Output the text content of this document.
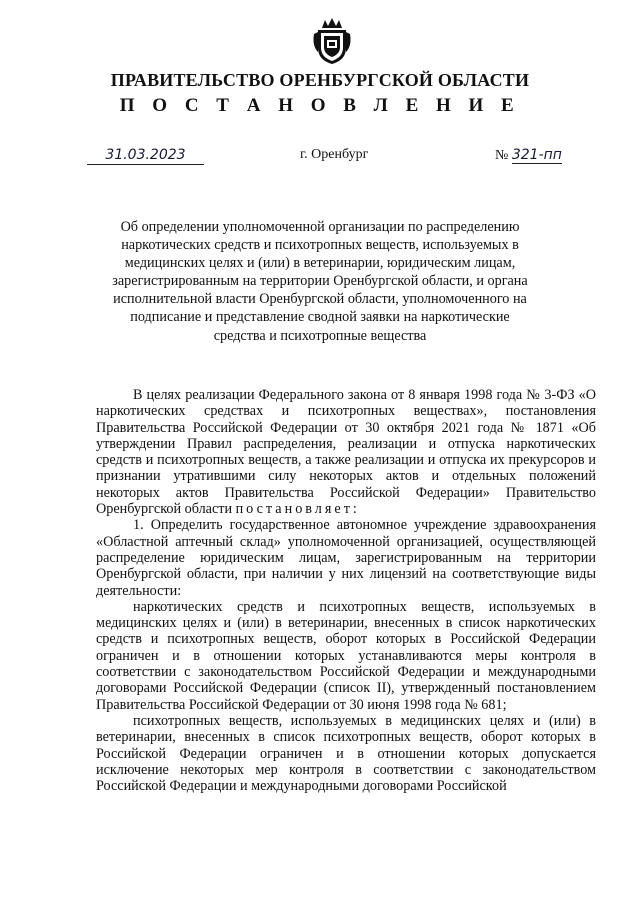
ПРАВИТЕЛЬСТВО ОРЕНБУРГСКОЙ ОБЛАСТИ
П О С Т А Н О В Л Е Н И Е
31.03.2023	г. Оренбург	№ 321-пп
Об определении уполномоченной организации по распределению наркотических средств и психотропных веществ, используемых в медицинских целях и (или) в ветеринарии, юридическим лицам, зарегистрированным на территории Оренбургской области, и органа исполнительной власти Оренбургской области, уполномоченного на подписание и представление сводной заявки на наркотические средства и психотропные вещества

В целях реализации Федерального закона от 8 января 1998 года № 3-ФЗ «О наркотических средствах и психотропных веществах», постановления Правительства Российской Федерации от 30 октября 2021 года № 1871 «Об утверждении Правил распределения, реализации и отпуска наркотических средств и психотропных веществ, а также реализации и отпуска их прекурсоров и признании утратившими силу некоторых актов и отдельных положений некоторых актов Правительства Российской Федерации» Правительство Оренбургской области постановляет:

1. Определить государственное автономное учреждение здравоохранения «Областной аптечный склад» уполномоченной организацией, осуществляющей распределение юридическим лицам, зарегистрированным на территории Оренбургской области, при наличии у них лицензий на соответствующие виды деятельности:

наркотических средств и психотропных веществ, используемых в медицинских целях и (или) в ветеринарии, внесенных в список наркотических средств и психотропных веществ, оборот которых в Российской Федерации ограничен и в отношении которых устанавливаются меры контроля в соответствии с законодательством Российской Федерации и международными договорами Российской Федерации (список II), утвержденный постановлением Правительства Российской Федерации от 30 июня 1998 года № 681;

психотропных веществ, используемых в медицинских целях и (или) в ветеринарии, внесенных в список психотропных веществ, оборот которых в Российской Федерации ограничен и в отношении которых допускается исключение некоторых мер контроля в соответствии с законодательством Российской Федерации и международными договорами Российской
